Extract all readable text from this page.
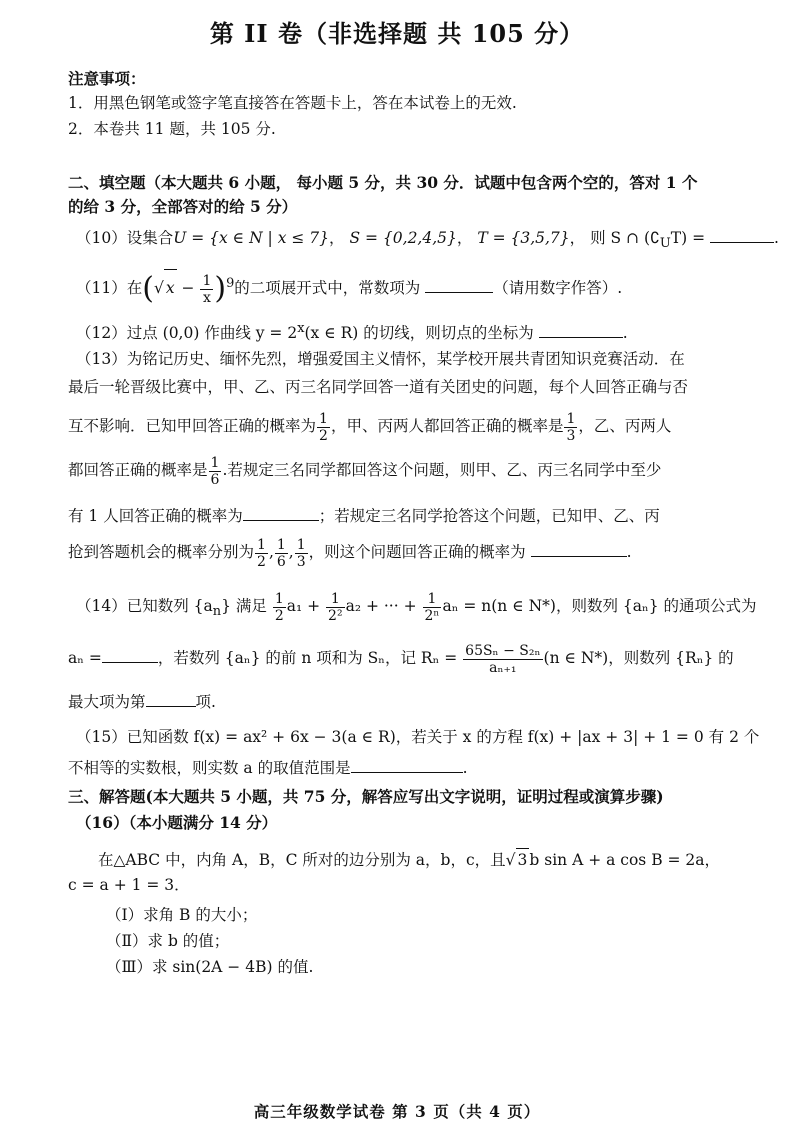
第 II 卷（非选择题 共 105 分）
注意事项：
1．用黑色钢笔或签字笔直接答在答题卡上，答在本试卷上的无效.
2．本卷共 11 题，共 105 分.
二、填空题（本大题共 6 小题， 每小题 5 分，共 30 分．试题中包含两个空的，答对 1 个
的给 3 分，全部答对的给 5 分）
（10）设集合U = {x ∈ N | x ≤ 7}， S = {0,2,4,5}， T = {3,5,7}， 则 S ∩ $(∁_UT)$ =	.
（11）在(√ $x - \frac{1}{x} )^9$的二项展开式中，常数项为	（请用数字作答）.
（12）过点 (0,0) 作曲线 $y = 2^x(x$ ∈ R) 的切线，则切点的坐标为	.
（13）为铭记历史、缅怀先烈，增强爱国主义情怀，某学校开展共青团知识竞赛活动．在
最后一轮晋级比赛中，甲、乙、丙三名同学回答一道有关团史的问题，每个人回答正确与否
互不影响．已知甲回答正确的概率为 $\frac{1}{2}$ ，甲、丙两人都回答正确的概率是 $\frac{1}{3}$ ，乙、丙两人
都回答正确的概率是 $\frac{1}{6}$ .若规定三名同学都回答这个问题，则甲、乙、丙三名同学中至少
有 1 人回答正确的概率为	；若规定三名同学抢答这个问题，已知甲、乙、丙
抢到答题机会的概率分别为 $\frac{1}{2}$ , $\frac{1}{6}$ , $\frac{1}{3}$ ，则这个问题回答正确的概率为	.
（14）已知数列 $\{a_n\}$ 满足 $\frac{1}{2} a_1 + \frac{1}{\text{2²}} a_2$ + ··· + $\frac{1}{\text{2ⁿ}}$ aₙ = n(n ∈ N*)，则数列 {aₙ} 的通项公式为
aₙ =	，若数列 {aₙ} 的前 n 项和为 Sₙ，记 $R_n = \frac{\text{65Sₙ − S₂ₙ}}{\text{aₙ₊₁}} (n$ ∈ N*)，则数列 {Rₙ} 的
最大项为第	项.
（15）已知函数 f(x) = ax² + 6x − 3(a ∈ R)，若关于 x 的方程 f(x) + |ax + 3| + 1 = 0 有 2 个
不相等的实数根，则实数 a 的取值范围是	.
三、解答题(本大题共 5 小题，共 75 分，解答应写出文字说明，证明过程或演算步骤)
（16）（本小题满分 14 分）
在△ABC 中，内角 A，B，C 所对的边分别为 a，b，c，且√ 3 b sin A + a cos B = 2a，
c = a + 1 = 3．
（Ⅰ）求角 B 的大小；
（Ⅱ）求 b 的值；
（Ⅲ）求 sin(2A − 4B) 的值.
高三年级数学试卷 第 3 页（共 4 页）
